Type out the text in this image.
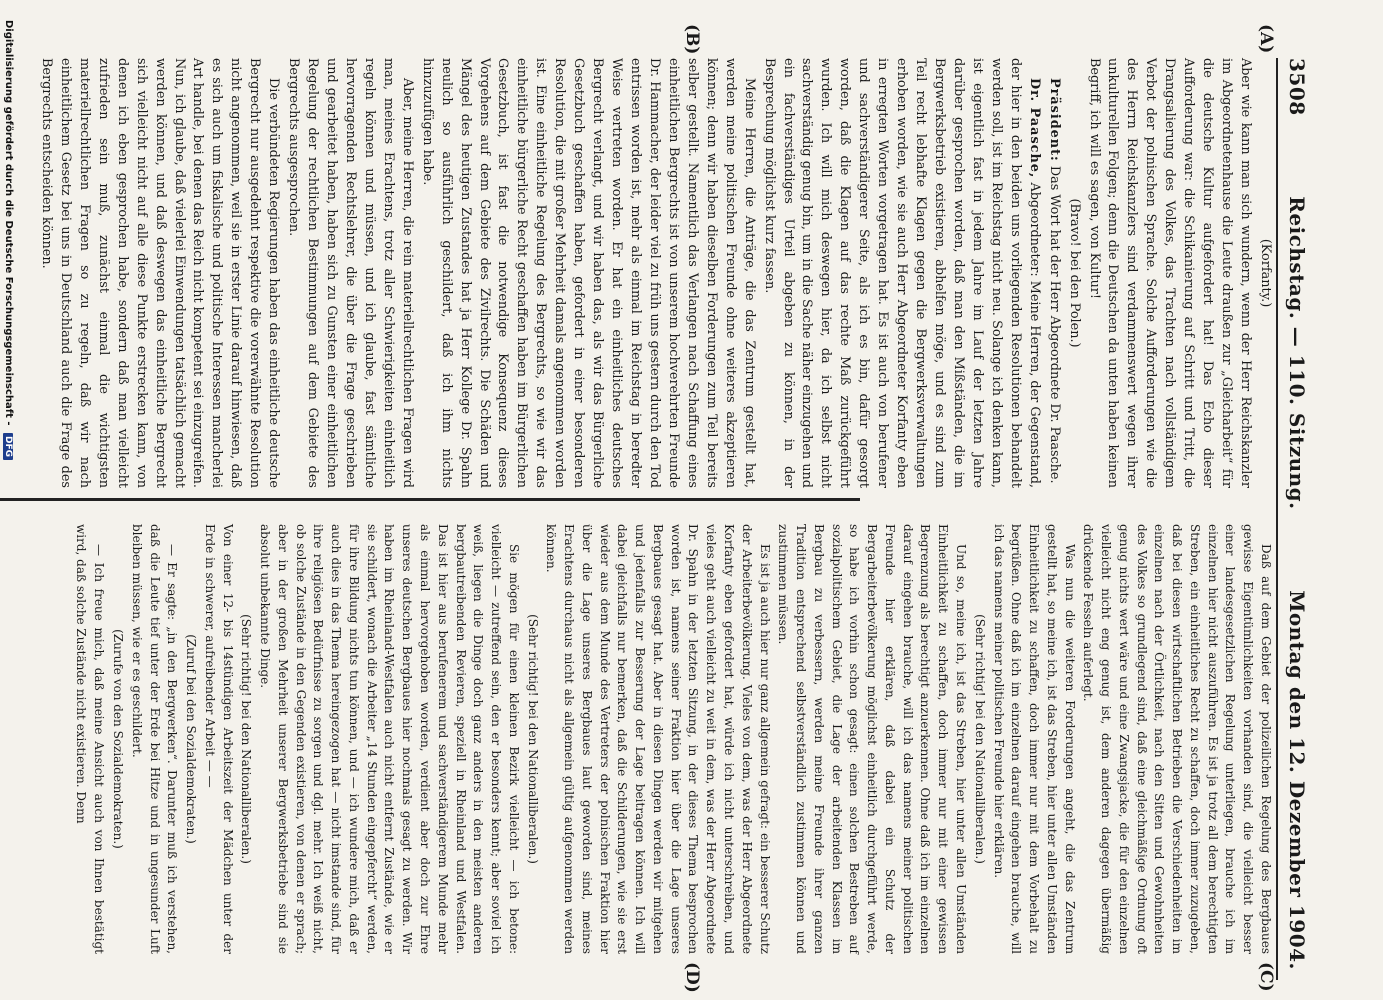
3508
Reichstag. — 110. Sitzung.
Montag den 12. Dezember 1904.
(A)
(B)
(C)
(D)

(Korfanty.)

Aber wie kann man sich wundern, wenn der Herr Reichskanzler im Abgeordnetenhause die Leute draußen zur „Gleicharbeit“ für die deutsche Kultur aufgefordert hat! Das Echo dieser Aufforderung war: die Schikanierung auf Schritt und Tritt, die Drangsalierung des Volkes, das Trachten nach vollständigem Verbot der polnischen Sprache. Solche Aufforderungen wie die des Herrn Reichskanzlers sind verdammenswert wegen ihrer unkulturellen Folgen; denn die Deutschen da unten haben keinen Begriff, ich will es sagen, von Kultur!

(Bravo! bei den Polen.)

Präsident: Das Wort hat der Herr Abgeordnete Dr. Paasche.

Dr. Paasche, Abgeordneter: Meine Herren, der Gegenstand, der hier in den beiden uns vorliegenden Resolutionen behandelt werden soll, ist im Reichstag nicht neu. Solange ich denken kann, ist eigentlich fast in jedem Jahre im Lauf der letzten Jahre darüber gesprochen worden, daß man den Mißständen, die im Bergwerksbetrieb existieren, abhelfen möge, und es sind zum Teil recht lebhafte Klagen gegen die Bergwerksverwaltungen erhoben worden, wie sie auch Herr Abgeordneter Korfanty eben in erregten Worten vorgetragen hat. Es ist auch von berufener und sachverständigerer Seite, als ich es bin, dafür gesorgt worden, daß die Klagen auf das rechte Maß zurückgeführt wurden. Ich will mich deswegen hier, da ich selbst nicht sachverständig genug bin, um in die Sache näher einzugehen und ein fachverständiges Urteil abgeben zu können, in der Besprechung möglichst kurz fassen.

Meine Herren, die Anträge, die das Zentrum gestellt hat, werden meine politischen Freunde ohne weiteres akzeptieren können; denn wir haben dieselben Forderungen zum Teil bereits selber gestellt. Namentlich das Verlangen nach Schaffung eines einheitlichen Bergrechts ist von unserem hochverehrten Freunde Dr. Hammacher, der leider viel zu früh uns gestern durch den Tod entrissen worden ist, mehr als einmal im Reichstag in beredter Weise vertreten worden. Er hat ein einheitliches deutsches Bergrecht verlangt, und wir haben das, als wir das Bürgerliche Gesetzbuch geschaffen haben, gefordert in einer besonderen Resolution, die mit großer Mehrheit damals angenommen worden ist. Eine einheitliche Regelung des Bergrechts, so wie wir das einheitliche bürgerliche Recht geschaffen haben im Bürgerlichen Gesetzbuch, ist fast die notwendige Konsequenz dieses Vorgehens auf dem Gebiete des Zivilrechts. Die Schäden und Mängel des heutigen Zustandes hat ja Herr Kollege Dr. Spahn neulich so ausführlich geschildert, daß ich ihm nichts hinzuzufügen habe.

Aber, meine Herren, die rein materiellrechtlichen Fragen wird man, meines Erachtens, trotz aller Schwierigkeiten einheitlich regeln können und müssen, und ich glaube, fast sämtliche hervorragenden Rechtslehrer, die über die Frage geschrieben und gearbeitet haben, haben sich zu Gunsten einer einheitlichen Regelung der rechtlichen Bestimmungen auf dem Gebiete des Bergrechts ausgesprochen.

Die verbündeten Regierungen haben das einheitliche deutsche Bergrecht nur ausgedehnt respektive die vorerwähnte Resolution nicht angenommen, weil sie in erster Linie darauf hinwiesen, daß es sich auch um fiskalische und politische Interessen mancherlei Art handle, bei denen das Reich nicht kompetent sei einzugreifen. Nun, ich glaube, daß vielerlei Einwendungen tatsächlich gemacht werden können, und daß deswegen das einheitliche Bergrecht sich vielleicht nicht auf alle diese Punkte erstrecken kann, von denen ich eben gesprochen habe, sondern daß man vielleicht zufrieden sein muß, zunächst einmal die wichtigsten materiellrechtlichen Fragen so zu regeln, daß wir nach einheitlichem Gesetz bei uns in Deutschland auch die Frage des Bergrechts entscheiden können.

Daß auf dem Gebiet der polizeilichen Regelung des Bergbaues gewisse Eigentümlichkeiten vorhanden sind, die vielleicht besser einer landesgesetzlichen Regelung unterliegen, brauche ich im einzelnen hier nicht auszuführen. Es ist ja trotz all dem berechtigten Streben, ein einheitliches Recht zu schaffen, doch immer zuzugeben, daß bei diesen wirtschaftlichen Betrieben die Verschiedenheiten im einzelnen nach der Örtlichkeit, nach den Sitten und Gewohnheiten des Volkes so grundlegend sind, daß eine gleichmäßige Ordnung oft genug nichts wert wäre und eine Zwangsjacke, die für den einzelnen vielleicht nicht eng genug ist, dem anderen dagegen übermäßig drückende Fesseln auferlegt.

Was nun die weiteren Forderungen angeht, die das Zentrum gestellt hat, so meine ich, ist das Streben, hier unter allen Umständen Einheitlichkeit zu schaffen, doch immer nur mit dem Vorbehalt zu begrüßen. Ohne daß ich im einzelnen darauf eingehen brauche, will ich das namens meiner politischen Freunde hier erklären.

(Sehr richtig! bei den Nationalliberalen.)

Und so, meine ich, ist das Streben, hier unter allen Umständen Einheitlichkeit zu schaffen, doch immer nur mit einer gewissen Begrenzung als berechtigt anzuerkennen. Ohne daß ich im einzelnen darauf eingehen brauche, will ich das namens meiner politischen Freunde hier erklären, daß dabei ein Schutz der Bergarbeiterbevölkerung möglichst einheitlich durchgeführt werde, so habe ich vorhin schon gesagt: einen solchen Bestreben auf sozialpolitischem Gebiet, die Lage der arbeitenden Klassen im Bergbau zu verbessern, werden meine Freunde ihrer ganzen Tradition entsprechend selbstverständlich zustimmen können und zustimmen müssen.

Es ist ja auch hier nur ganz allgemein gefragt: ein besserer Schutz der Arbeiterbevölkerung. Vieles von dem, was der Herr Abgeordnete Korfanty eben gefordert hat, würde ich nicht unterschreiben, und vieles geht auch vielleicht zu weit in dem, was der Herr Abgeordnete Dr. Spahn in der letzten Sitzung, in der dieses Thema besprochen worden ist, namens seiner Fraktion hier über die Lage unseres Bergbaues gesagt hat. Aber in diesen Dingen werden wir mitgehen und jedenfalls zur Besserung der Lage beitragen können. Ich will dabei gleichfalls nur bemerken, daß die Schilderungen, wie sie erst wieder aus dem Munde des Vertreters der polnischen Fraktion hier über die Lage unseres Bergbaues laut geworden sind, meines Erachtens durchaus nicht als allgemein gültig aufgenommen werden können.

(Sehr richtig! bei den Nationalliberalen.)

Sie mögen für einen kleinen Bezirk vielleicht — ich betone: vielleicht — zutreffend sein, den er besonders kennt; aber soviel ich weiß, liegen die Dinge doch ganz anders in den meisten anderen bergbautreibenden Revieren, speziell in Rheinland und Westfalen. Das ist hier aus berufenerem und sachverständigerem Munde mehr als einmal hervorgehoben worden, verdient aber doch zur Ehre unseres deutschen Bergbaues hier nochmals gesagt zu werden. Wir haben im Rheinland-Westfalen auch nicht entfernt Zustände, wie er sie schildert, wonach die Arbeiter „14 Stunden eingepfercht“ werden, für ihre Bildung nichts tun können, und — ich wundere mich, daß er auch dies in das Thema hereingezogen hat — nicht imstande sind, für ihre religiösen Bedürfnisse zu sorgen und dgl. mehr. Ich weiß nicht, ob solche Zustände in den Gegenden existieren, von denen er sprach; aber in der großen Mehrheit unserer Bergwerksbetriebe sind sie absolut unbekannte Dinge.

(Sehr richtig! bei den Nationalliberalen.)

Von einer 12- bis 14stündigen Arbeitszeit der Mädchen unter der Erde in schwerer, aufreibender Arbeit — —

(Zuruf bei den Sozialdemokraten.)

— Er sagte: „in den Bergwerken“. Darunter muß ich verstehen, daß die Leute tief unter der Erde bei Hitze und in ungesunder Luft bleiben müssen, wie er es geschildert.

(Zurufe von den Sozialdemokraten.)

— Ich freue mich, daß meine Ansicht auch von Ihnen bestätigt wird, daß solche Zustände nicht existieren. Denn

Digitalisierung gefördert durch die Deutsche Forschungsgemeinschaft - DFG
